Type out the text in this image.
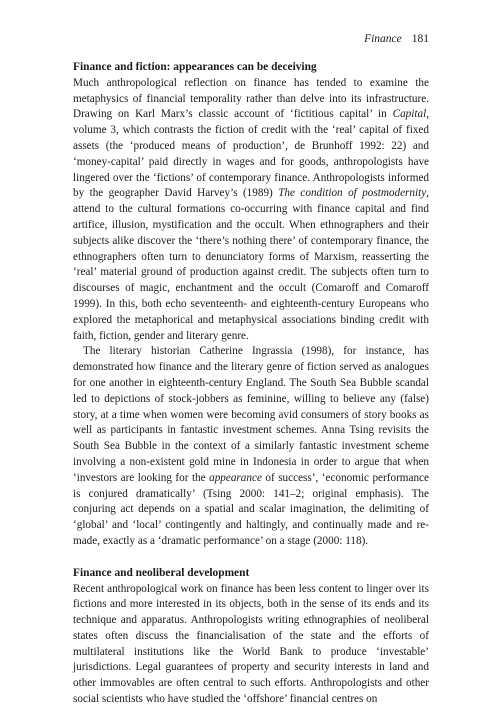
Finance 181
Finance and fiction: appearances can be deceiving

Much anthropological reflection on finance has tended to examine the metaphysics of financial temporality rather than delve into its infrastructure. Drawing on Karl Marx’s classic account of ‘fictitious capital’ in Capital, volume 3, which contrasts the fiction of credit with the ‘real’ capital of fixed assets (the ‘produced means of production’, de Brunhoff 1992: 22) and ‘money-capital’ paid directly in wages and for goods, anthropologists have lingered over the ‘fictions’ of contemporary finance. Anthropologists informed by the geographer David Harvey’s (1989) The condition of postmodernity, attend to the cultural formations co-occurring with finance capital and find artifice, illusion, mystification and the occult. When ethnographers and their subjects alike discover the ‘there’s nothing there’ of contemporary finance, the ethnographers often turn to denunciatory forms of Marxism, reasserting the ‘real’ material ground of production against credit. The subjects often turn to discourses of magic, enchantment and the occult (Comaroff and Comaroff 1999). In this, both echo seventeenth- and eighteenth-century Europeans who explored the metaphorical and metaphysical associations binding credit with faith, fiction, gender and literary genre.

The literary historian Catherine Ingrassia (1998), for instance, has demonstrated how finance and the literary genre of fiction served as analogues for one another in eighteenth-century England. The South Sea Bubble scandal led to depictions of stock-jobbers as feminine, willing to believe any (false) story, at a time when women were becoming avid consumers of story books as well as participants in fantastic investment schemes. Anna Tsing revisits the South Sea Bubble in the context of a similarly fantastic investment scheme involving a non-existent gold mine in Indonesia in order to argue that when ‘investors are looking for the appearance of success’, ‘economic performance is conjured dramatically’ (Tsing 2000: 141–2; original emphasis). The conjuring act depends on a spatial and scalar imagination, the delimiting of ‘global’ and ‘local’ contingently and haltingly, and continually made and re-made, exactly as a ‘dramatic performance’ on a stage (2000: 118).

Finance and neoliberal development

Recent anthropological work on finance has been less content to linger over its fictions and more interested in its objects, both in the sense of its ends and its technique and apparatus. Anthropologists writing ethnographies of neoliberal states often discuss the financialisation of the state and the efforts of multilateral institutions like the World Bank to produce ‘investable’ jurisdictions. Legal guarantees of property and security interests in land and other immovables are often central to such efforts. Anthropologists and other social scientists who have studied the ‘offshore’ financial centres on
